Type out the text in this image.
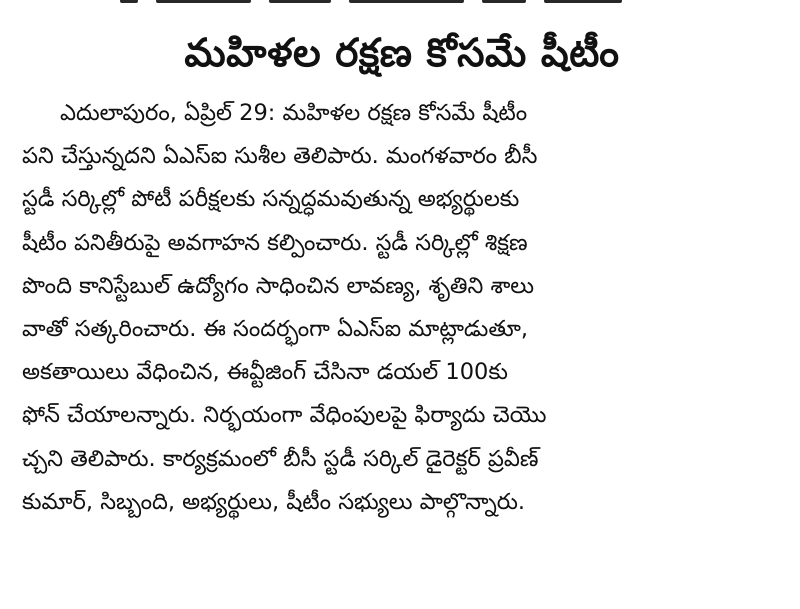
మహిళల రక్షణ కోసమే షీటీం

ఎదులాపురం, ఏప్రిల్ 29: మహిళల రక్షణ కోసమే షీటీం
పని చేస్తున్నదని ఏఎస్ఐ సుశీల తెలిపారు. మంగళవారం బీసీ
స్టడీ సర్కిల్లో పోటీ పరీక్షలకు సన్నద్ధమవుతున్న అభ్యర్థులకు
షీటీం పనితీరుపై అవగాహన కల్పించారు. స్టడీ సర్కిల్లో శిక్షణ
పొంది కానిస్టేబుల్ ఉద్యోగం సాధించిన లావణ్య, శృతిని శాలు
వాతో సత్కరించారు. ఈ సందర్భంగా ఏఎస్ఐ మాట్లాడుతూ,
అకతాయిలు వేధించిన, ఈవ్టీజింగ్ చేసినా డయల్ 100కు
ఫోన్ చేయాలన్నారు. నిర్భయంగా వేధింపులపై ఫిర్యాదు చెయొ
చ్చని తెలిపారు. కార్యక్రమంలో బీసీ స్టడీ సర్కిల్ డైరెక్టర్ ప్రవీణ్
కుమార్, సిబ్బంది, అభ్యర్థులు, షీటీం సభ్యులు పాల్గొన్నారు.
